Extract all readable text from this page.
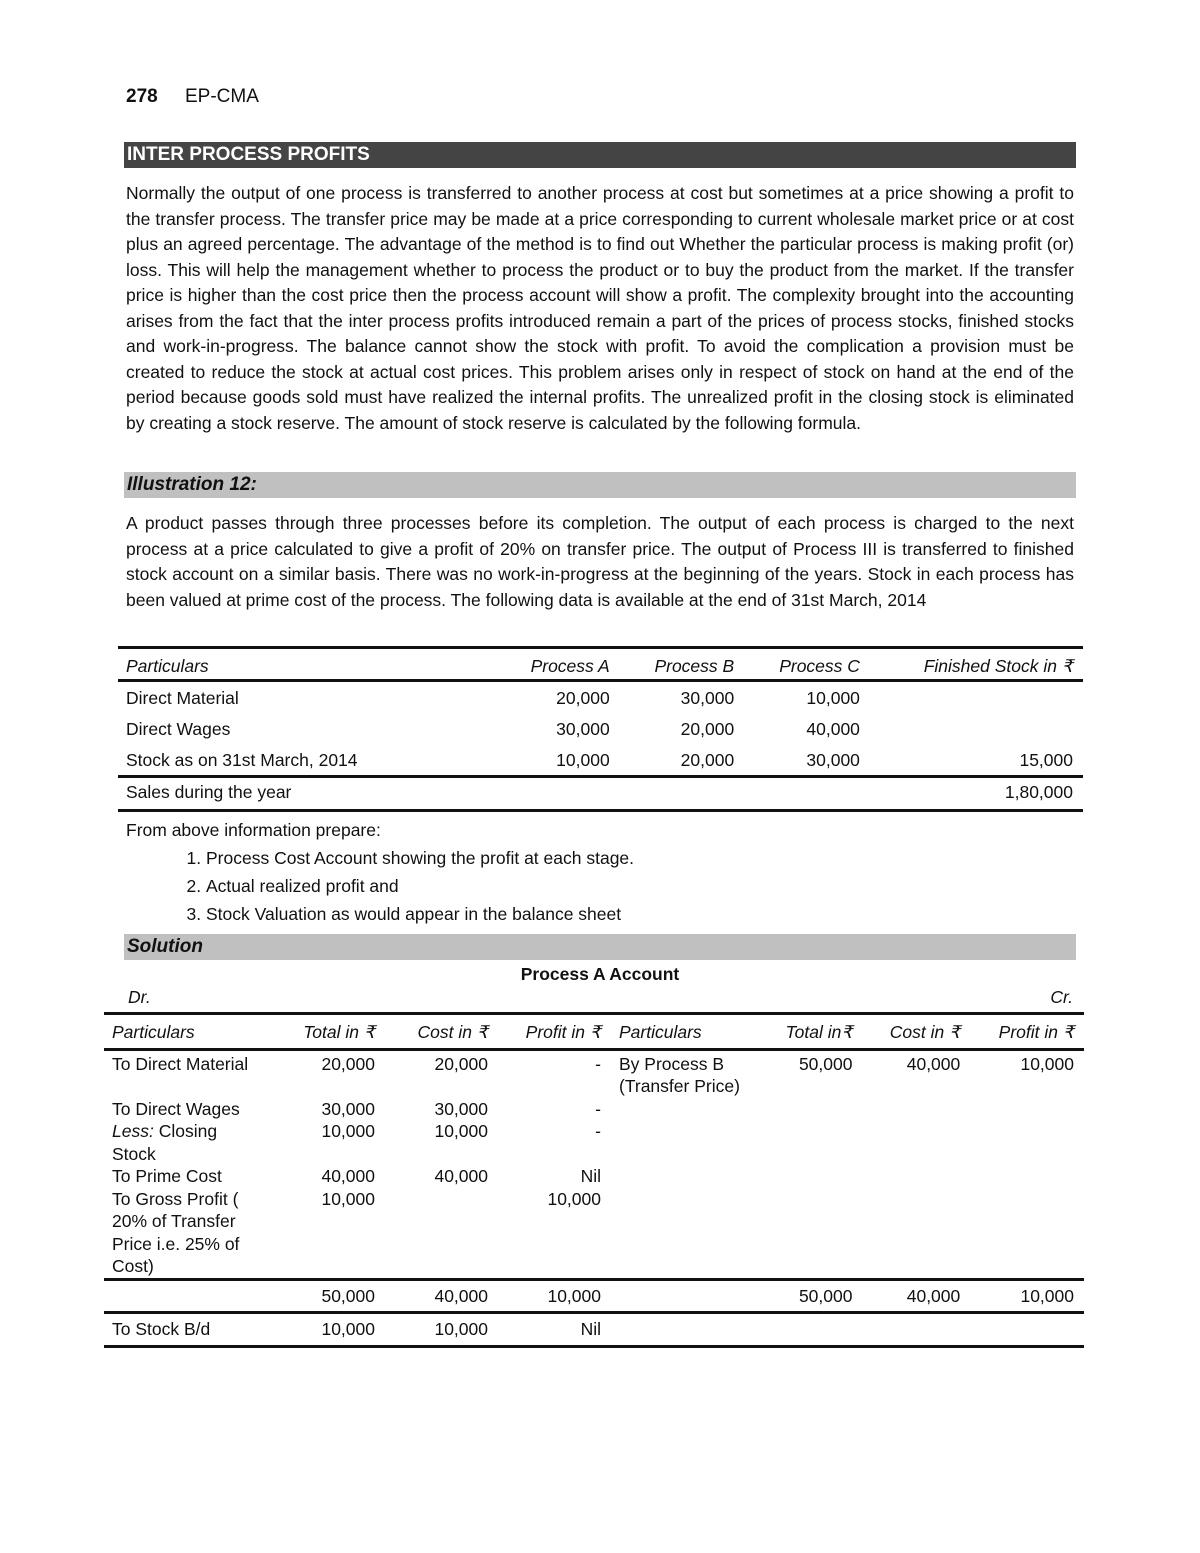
278 EP-CMA
INTER PROCESS PROFITS
Normally the output of one process is transferred to another process at cost but sometimes at a price showing a profit to the transfer process. The transfer price may be made at a price corresponding to current wholesale market price or at cost plus an agreed percentage. The advantage of the method is to find out Whether the particular process is making profit (or) loss. This will help the management whether to process the product or to buy the product from the market. If the transfer price is higher than the cost price then the process account will show a profit. The complexity brought into the accounting arises from the fact that the inter process profits introduced remain a part of the prices of process stocks, finished stocks and work-in-progress. The balance cannot show the stock with profit. To avoid the complication a provision must be created to reduce the stock at actual cost prices. This problem arises only in respect of stock on hand at the end of the period because goods sold must have realized the internal profits. The unrealized profit in the closing stock is eliminated by creating a stock reserve. The amount of stock reserve is calculated by the following formula.
Illustration 12:
A product passes through three processes before its completion. The output of each process is charged to the next process at a price calculated to give a profit of 20% on transfer price. The output of Process III is transferred to finished stock account on a similar basis. There was no work-in-progress at the beginning of the years. Stock in each process has been valued at prime cost of the process. The following data is available at the end of 31st March, 2014
Particulars	Process A	Process B	Process C	Finished Stock in ₹
Direct Material	20,000	30,000	10,000	
Direct Wages	30,000	20,000	40,000	
Stock as on 31st March, 2014	10,000	20,000	30,000	15,000
Sales during the year				1,80,000
From above information prepare:
1. Process Cost Account showing the profit at each stage.
2. Actual realized profit and
3. Stock Valuation as would appear in the balance sheet
Solution
Process A Account
Dr.	Cr.
Particulars	Total in ₹	Cost in ₹	Profit in ₹	Particulars	Total in₹	Cost in ₹	Profit in ₹
To Direct Material	20,000	20,000	-	By Process B (Transfer Price)	50,000	40,000	10,000
To Direct Wages	30,000	30,000	-				
Less: Closing Stock	10,000	10,000	-				
To Prime Cost	40,000	40,000	Nil				
To Gross Profit ( 20% of Transfer Price i.e. 25% of Cost)	10,000		10,000				
	50,000	40,000	10,000		50,000	40,000	10,000
To Stock B/d	10,000	10,000	Nil				
